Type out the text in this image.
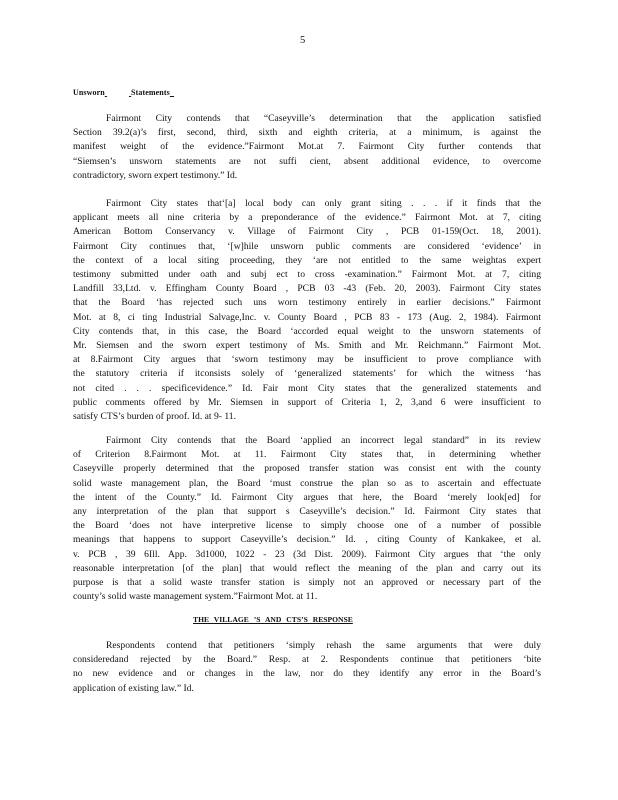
5
Unsworn	Statements
Fairmont City contends that “Caseyville’s determination that the application satisfied
Section 39.2(a)’s first, second, third, sixth and eighth criteria, at a minimum, is against the
manifest weight of the evidence.”Fairmont Mot.at 7. Fairmont City further contends that
“Siemsen’s unsworn statements are not suffi cient, absent additional evidence, to overcome
contradictory, sworn expert testimony.” Id.
Fairmont City states that‘[a] local body can only grant siting . . . if it finds that the
applicant meets all nine criteria by a preponderance of the evidence.” Fairmont Mot. at 7, citing
American Bottom Conservancy v. Village of Fairmont City , PCB 01-159(Oct. 18, 2001).
Fairmont City continues that, ‘[w]hile unsworn public comments are considered ‘evidence’ in
the context of a local siting proceeding, they ‘are not entitled to the same weightas expert
testimony submitted under oath and subj ect to cross -examination.” Fairmont Mot. at 7, citing
Landfill 33,Ltd. v. Effingham County Board , PCB 03 -43 (Feb. 20, 2003). Fairmont City states
that the Board ‘has rejected such uns worn testimony entirely in earlier decisions.” Fairmont
Mot. at 8, ci ting Industrial Salvage,Inc. v. County Board , PCB 83 - 173 (Aug. 2, 1984). Fairmont
City contends that, in this case, the Board ‘accorded equal weight to the unsworn statements of
Mr. Siemsen and the sworn expert testimony of Ms. Smith and Mr. Reichmann.” Fairmont Mot.
at 8.Fairmont City argues that ‘sworn testimony may be insufficient to prove compliance with
the statutory criteria if itconsists solely of ‘generalized statements’ for which the witness ‘has
not cited . . . specificevidence.” Id. Fair mont City states that the generalized statements and
public comments offered by Mr. Siemsen in support of Criteria 1, 2, 3,and 6 were insufficient to
satisfy CTS’s burden of proof. Id. at 9- 11.
Fairmont City contends that the Board ‘applied an incorrect legal standard” in its review
of Criterion 8.Fairmont Mot. at 11. Fairmont City states that, in determining whether
Caseyville properly determined that the proposed transfer station was consist ent with the county
solid waste management plan, the Board ‘must construe the plan so as to ascertain and effectuate
the intent of the County.” Id. Fairmont City argues that here, the Board ‘merely look[ed] for
any interpretation of the plan that support s Caseyville’s decision.” Id. Fairmont City states that
the Board ‘does not have interpretive license to simply choose one of a number of possible
meanings that happens to support Caseyville’s decision.” Id. , citing County of Kankakee, et al.
v. PCB , 39 6Ill. App. 3d1000, 1022 - 23 (3d Dist. 2009). Fairmont City argues that ‘the only
reasonable interpretation [of the plan] that would reflect the meaning of the plan and carry out its
purpose is that a solid waste transfer station is simply not an approved or necessary part of the
county’s solid waste management system.”Fairmont Mot. at 11.
THE VILLAGE ’S AND CTS’S RESPONSE
Respondents contend that petitioners ‘simply rehash the same arguments that were duly
consideredand rejected by the Board.” Resp. at 2. Respondents continue that petitioners ‘bite
no new evidence and or changes in the law, nor do they identify any error in the Board’s
application of existing law.” Id.
